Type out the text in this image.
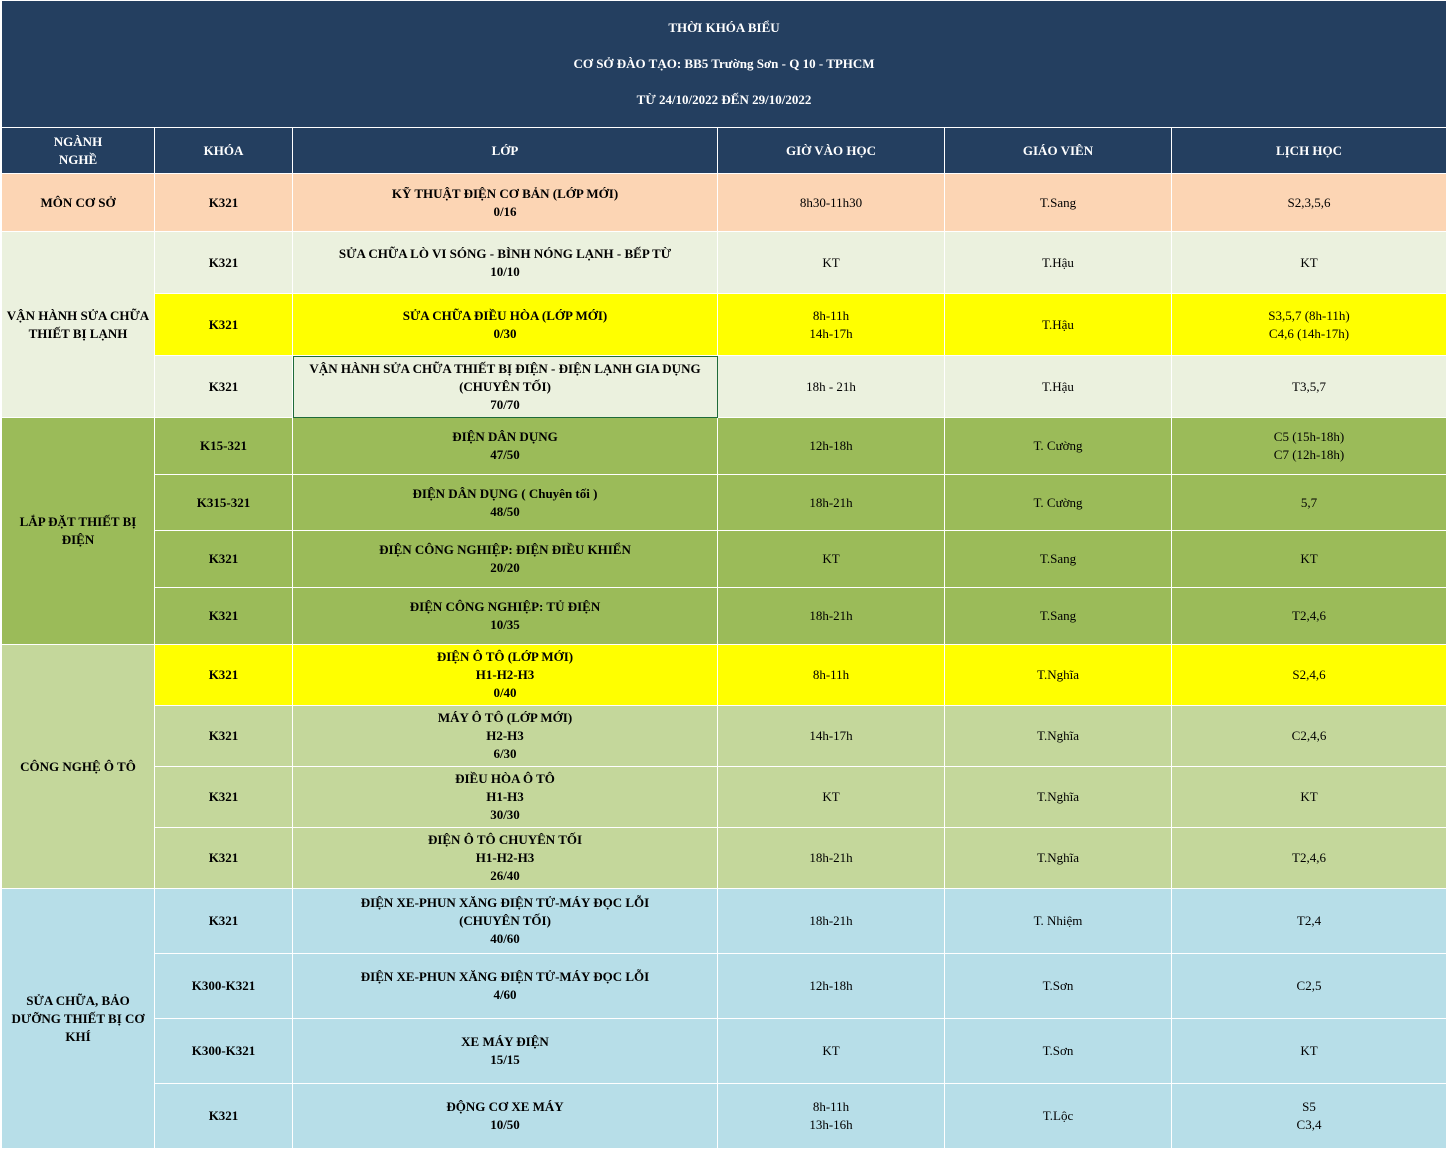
THỜI KHÓA BIỂU

CƠ SỞ ĐÀO TẠO: BB5 Trường Sơn - Q 10 - TPHCM

TỪ 24/10/2022 ĐẾN 29/10/2022					

NGÀNH
NGHỀ	KHÓA	LỚP	GIỜ VÀO HỌC	GIÁO VIÊN	LỊCH HỌC
MÔN CƠ SỞ	K321	KỸ THUẬT ĐIỆN CƠ BẢN (LỚP MỚI)
0/16	8h30-11h30	T.Sang	S2,3,5,6
VẬN HÀNH SỬA CHỮA THIẾT BỊ LẠNH	K321	SỬA CHỮA LÒ VI SÓNG - BÌNH NÓNG LẠNH - BẾP TỪ
10/10	KT	T.Hậu	KT
	K321	SỬA CHỮA ĐIỀU HÒA (LỚP MỚI)
0/30	8h-11h
14h-17h	T.Hậu	S3,5,7 (8h-11h)
C4,6 (14h-17h)
	K321	VẬN HÀNH SỬA CHỮA THIẾT BỊ ĐIỆN - ĐIỆN LẠNH GIA DỤNG
(CHUYÊN TỐI)
70/70	18h - 21h	T.Hậu	T3,5,7
LẮP ĐẶT THIẾT BỊ ĐIỆN	K15-321	ĐIỆN DÂN DỤNG
47/50	12h-18h	T. Cường	C5 (15h-18h)
C7 (12h-18h)
	K315-321	ĐIỆN DÂN DỤNG ( Chuyên tối )
48/50	18h-21h	T. Cường	5,7
	K321	ĐIỆN CÔNG NGHIỆP: ĐIỆN ĐIỀU KHIỂN
20/20	KT	T.Sang	KT
	K321	ĐIỆN CÔNG NGHIỆP: TỦ ĐIỆN
10/35	18h-21h	T.Sang	T2,4,6
CÔNG NGHỆ Ô TÔ	K321	ĐIỆN Ô TÔ (LỚP MỚI)
H1-H2-H3
0/40	8h-11h	T.Nghĩa	S2,4,6
	K321	MÁY Ô TÔ (LỚP MỚI)
H2-H3
6/30	14h-17h	T.Nghĩa	C2,4,6
	K321	ĐIỀU HÒA Ô TÔ
H1-H3
30/30	KT	T.Nghĩa	KT
	K321	ĐIỆN Ô TÔ CHUYÊN TỐI
H1-H2-H3
26/40	18h-21h	T.Nghĩa	T2,4,6
SỬA CHỮA, BẢO DƯỠNG THIẾT BỊ CƠ KHÍ	K321	ĐIỆN XE-PHUN XĂNG ĐIỆN TỬ-MÁY ĐỌC LỖI
(CHUYÊN TỐI)
40/60	18h-21h	T. Nhiệm	T2,4
	K300-K321	ĐIỆN XE-PHUN XĂNG ĐIỆN TỬ-MÁY ĐỌC LỖI
4/60	12h-18h	T.Sơn	C2,5
	K300-K321	XE MÁY ĐIỆN
15/15	KT	T.Sơn	KT
	K321	ĐỘNG CƠ XE MÁY
10/50	8h-11h
13h-16h	T.Lộc	S5
C3,4
